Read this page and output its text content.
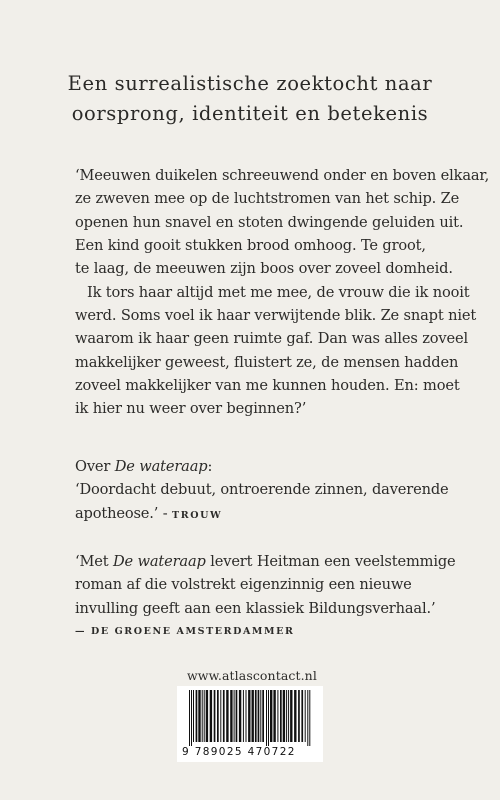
Een surrealistische zoektocht naar
oorsprong, identiteit en betekenis
‘Meeuwen duikelen schreeuwend onder en boven elkaar,
ze zweven mee op de luchtstromen van het schip. Ze
openen hun snavel en stoten dwingende geluiden uit.
Een kind gooit stukken brood omhoog. Te groot,
te laag, de meeuwen zijn boos over zoveel domheid.
Ik tors haar altijd met me mee, de vrouw die ik nooit
werd. Soms voel ik haar verwijtende blik. Ze snapt niet
waarom ik haar geen ruimte gaf. Dan was alles zoveel
makkelijker geweest, fluistert ze, de mensen hadden
zoveel makkelijker van me kunnen houden. En: moet
ik hier nu weer over beginnen?’
Over De wateraap:
‘Doordacht debuut, ontroerende zinnen, daverende
apotheose.’ - TROUW
‘Met De wateraap levert Heitman een veelstemmige
roman af die volstrekt eigenzinnig een nieuwe
invulling geeft aan een klassiek Bildungsverhaal.’
— DE GROENE AMSTERDAMMER
www.atlascontact.nl
9 789025 470722
